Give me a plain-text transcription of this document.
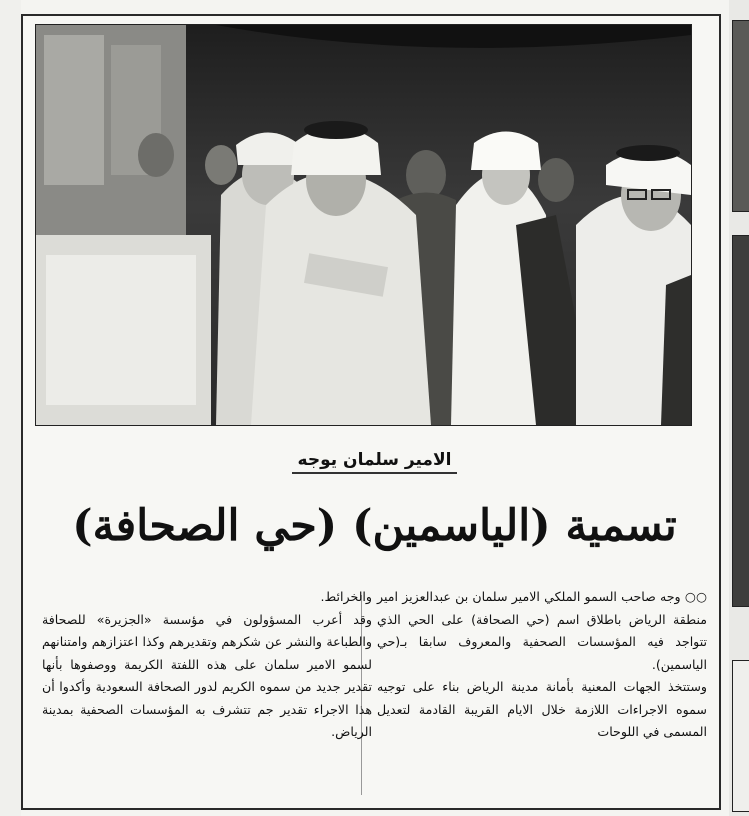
الامير سلمان يوجه
تسمية (الياسمين) (حي الصحافة)

○○ وجه صاحب السمو الملكي الامير سلمان بن عبدالعزيز امير منطقة الرياض باطلاق اسم (حي الصحافة) على الحي الذي تتواجد فيه المؤسسات الصحفية والمعروف سابقا بـ(حي الياسمين).

وستتخذ الجهات المعنية بأمانة مدينة الرياض بناء على توجيه سموه الاجراءات اللازمة خلال الايام القريبة القادمة لتعديل المسمى في اللوحات

والخرائط.

وقد أعرب المسؤولون في مؤسسة «الجزيرة» للصحافة والطباعة والنشر عن شكرهم وتقديرهم وكذا اعتزازهم وامتنانهم لسمو الامير سلمان على هذه اللفتة الكريمة ووصفوها بأنها تقدير جديد من سموه الكريم لدور الصحافة السعودية وأكدوا أن هذا الاجراء تقدير جم تتشرف به المؤسسات الصحفية بمدينة الرياض.
